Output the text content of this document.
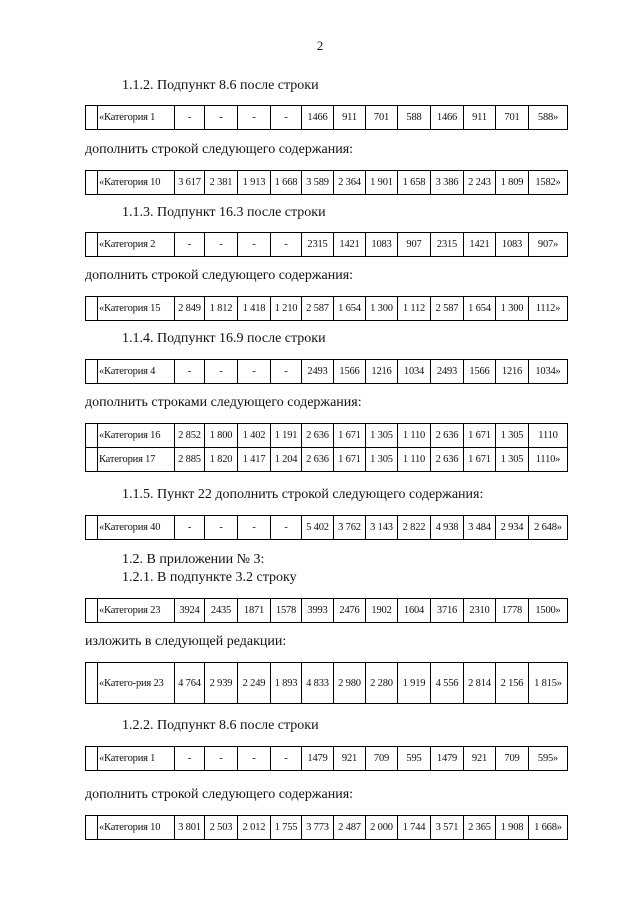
2
1.1.2. Подпункт 8.6 после строки
	«Категория 1	-	-	-	-	1466	911	701	588	1466	911	701	588»
дополнить строкой следующего содержания:
	«Категория 10	3 617	2 381	1 913	1 668	3 589	2 364	1 901	1 658	3 386	2 243	1 809	1582»
1.1.3. Подпункт 16.3 после строки
	«Категория 2	-	-	-	-	2315	1421	1083	907	2315	1421	1083	907»
дополнить строкой следующего содержания:
	«Категория 15	2 849	1 812	1 418	1 210	2 587	1 654	1 300	1 112	2 587	1 654	1 300	1112»
1.1.4. Подпункт 16.9 после строки
	«Категория 4	-	-	-	-	2493	1566	1216	1034	2493	1566	1216	1034»
дополнить строками следующего содержания:
	«Категория 16	2 852	1 800	1 402	1 191	2 636	1 671	1 305	1 110	2 636	1 671	1 305	1110
	Категория 17	2 885	1 820	1 417	1 204	2 636	1 671	1 305	1 110	2 636	1 671	1 305	1110»
1.1.5. Пункт 22 дополнить строкой следующего содержания:
	«Категория 40	-	-	-	-	5 402	3 762	3 143	2 822	4 938	3 484	2 934	2 648»
1.2. В приложении № 3:
1.2.1. В подпункте 3.2 строку
	«Категория 23	3924	2435	1871	1578	3993	2476	1902	1604	3716	2310	1778	1500»
изложить в следующей редакции:
	«Катего-рия 23	4 764	2 939	2 249	1 893	4 833	2 980	2 280	1 919	4 556	2 814	2 156	1 815»
1.2.2. Подпункт 8.6 после строки
	«Категория 1	-	-	-	-	1479	921	709	595	1479	921	709	595»
дополнить строкой следующего содержания:
	«Категория 10	3 801	2 503	2 012	1 755	3 773	2 487	2 000	1 744	3 571	2 365	1 908	1 668»
